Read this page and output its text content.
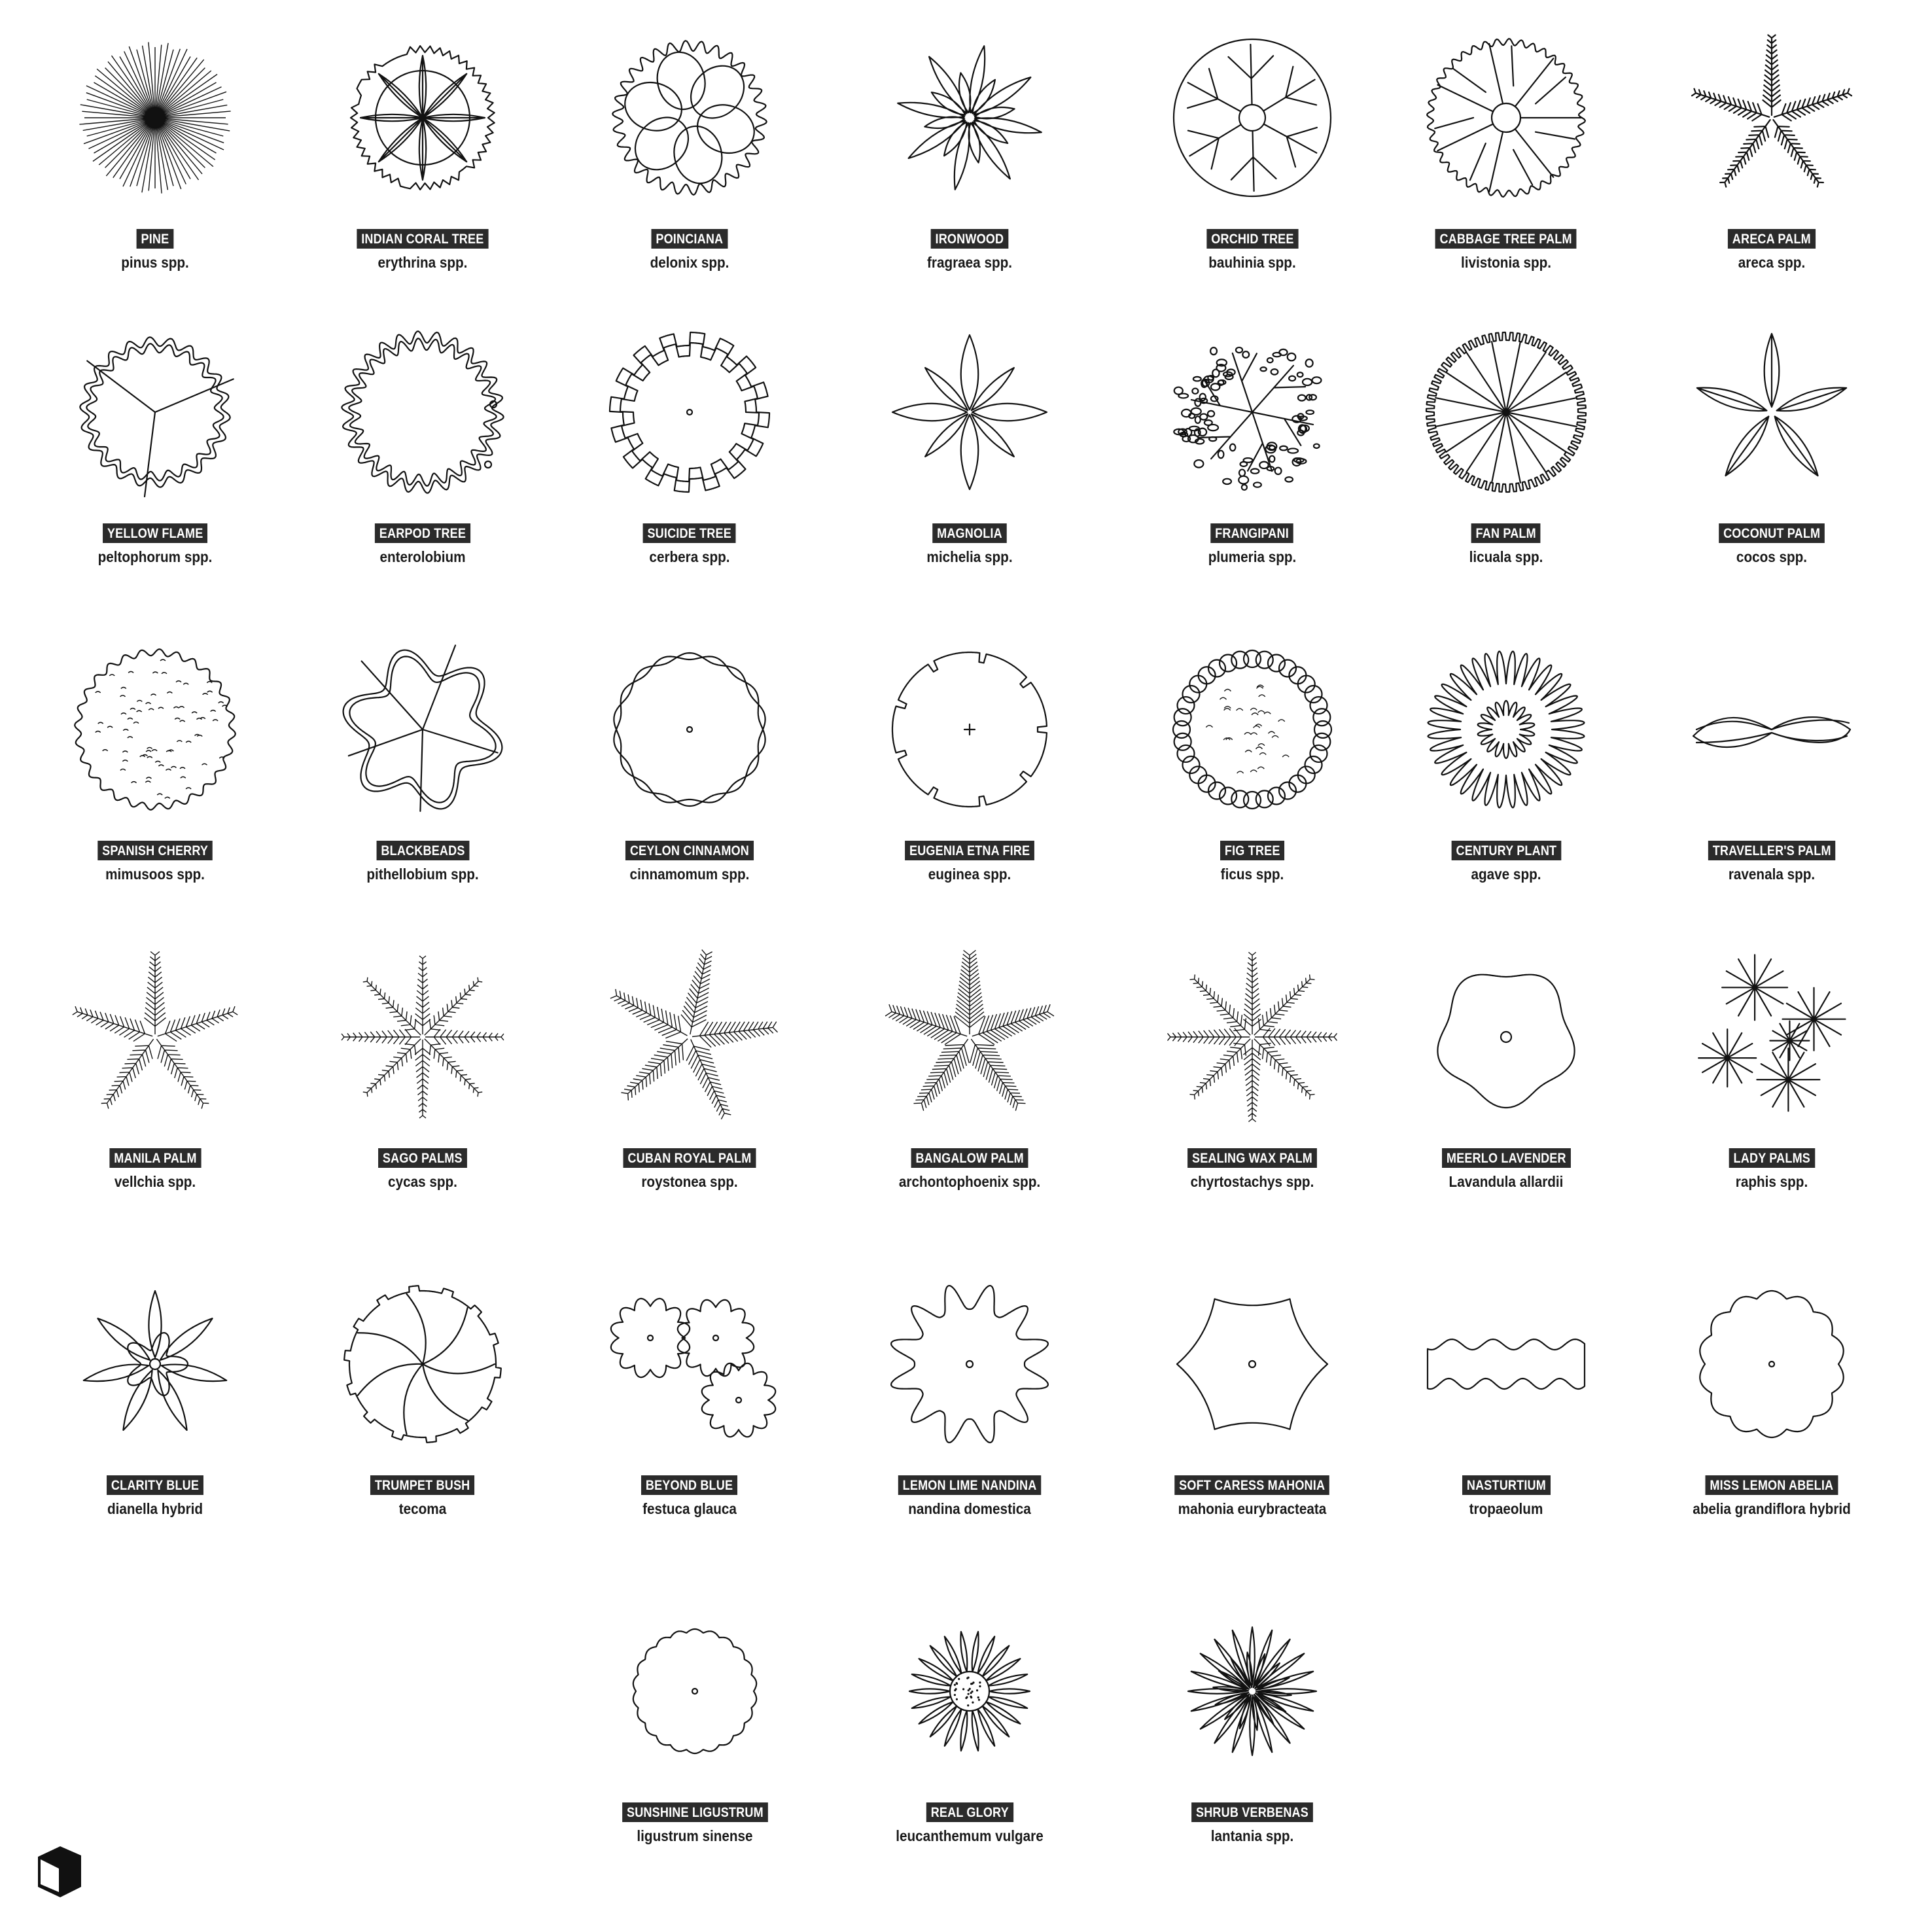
PINE
pinus spp.
INDIAN CORAL TREE
erythrina spp.
POINCIANA
delonix spp.
IRONWOOD
fragraea spp.
ORCHID TREE
bauhinia spp.
CABBAGE TREE PALM
livistonia spp.
ARECA PALM
areca spp.
YELLOW FLAME
peltophorum spp.
EARPOD TREE
enterolobium
SUICIDE TREE
cerbera spp.
MAGNOLIA
michelia spp.
FRANGIPANI
plumeria spp.
FAN PALM
licuala spp.
COCONUT PALM
cocos spp.
SPANISH CHERRY
mimusoos spp.
BLACKBEADS
pithellobium spp.
CEYLON CINNAMON
cinnamomum spp.
EUGENIA ETNA FIRE
euginea spp.
FIG TREE
ficus spp.
CENTURY PLANT
agave spp.
TRAVELLER'S PALM
ravenala spp.
MANILA PALM
vellchia spp.
SAGO PALMS
cycas spp.
CUBAN ROYAL PALM
roystonea spp.
BANGALOW PALM
archontophoenix spp.
SEALING WAX PALM
chyrtostachys spp.
MEERLO LAVENDER
Lavandula allardii
LADY PALMS
raphis spp.
CLARITY BLUE
dianella hybrid
TRUMPET BUSH
tecoma
BEYOND BLUE
festuca glauca
LEMON LIME NANDINA
nandina domestica
SOFT CARESS MAHONIA
mahonia eurybracteata
NASTURTIUM
tropaeolum
MISS LEMON ABELIA
abelia grandiflora hybrid
SUNSHINE LIGUSTRUM
ligustrum sinense
REAL GLORY
leucanthemum vulgare
SHRUB VERBENAS
lantania spp.
